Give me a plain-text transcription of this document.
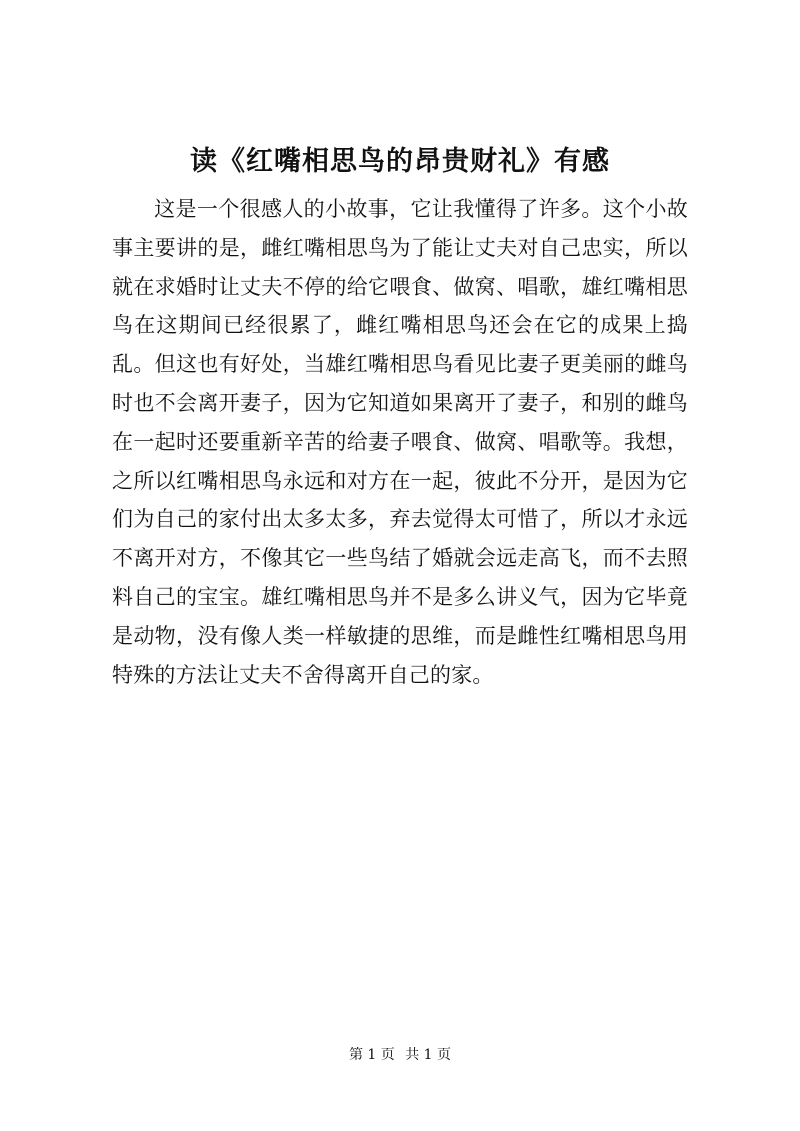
读《红嘴相思鸟的昂贵财礼》有感

这是一个很感人的小故事，它让我懂得了许多。这个小故事主要讲的是，雌红嘴相思鸟为了能让丈夫对自己忠实，所以就在求婚时让丈夫不停的给它喂食、做窝、唱歌，雄红嘴相思鸟在这期间已经很累了，雌红嘴相思鸟还会在它的成果上捣乱。但这也有好处，当雄红嘴相思鸟看见比妻子更美丽的雌鸟时也不会离开妻子，因为它知道如果离开了妻子，和别的雌鸟在一起时还要重新辛苦的给妻子喂食、做窝、唱歌等。我想，之所以红嘴相思鸟永远和对方在一起，彼此不分开，是因为它们为自己的家付出太多太多，弃去觉得太可惜了，所以才永远不离开对方，不像其它一些鸟结了婚就会远走高飞，而不去照料自己的宝宝。雄红嘴相思鸟并不是多么讲义气，因为它毕竟是动物，没有像人类一样敏捷的思维，而是雌性红嘴相思鸟用特殊的方法让丈夫不舍得离开自己的家。

第 1 页 共 1 页
